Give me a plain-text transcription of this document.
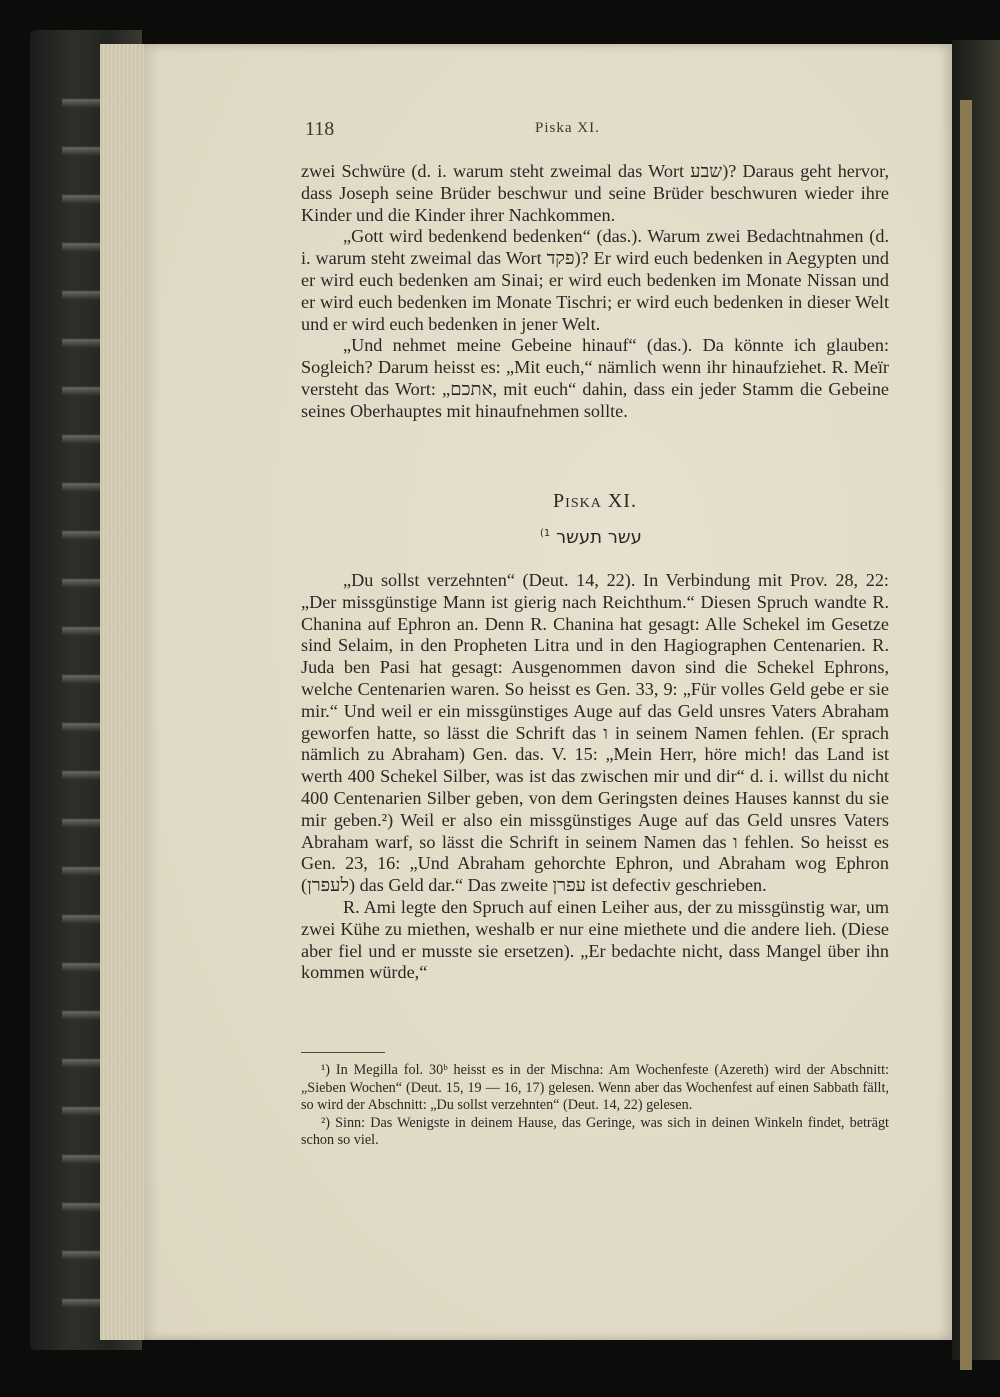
118	Piska XI.

zwei Schwüre (d. i. warum steht zweimal das Wort שבע)? Daraus geht hervor, dass Joseph seine Brüder beschwur und seine Brüder beschwuren wieder ihre Kinder und die Kinder ihrer Nachkommen.

„Gott wird bedenkend bedenken“ (das.). Warum zwei Bedachtnahmen (d. i. warum steht zweimal das Wort פקד)? Er wird euch bedenken in Aegypten und er wird euch bedenken am Sinai; er wird euch bedenken im Monate Nissan und er wird euch bedenken im Monate Tischri; er wird euch bedenken in dieser Welt und er wird euch bedenken in jener Welt.

„Und nehmet meine Gebeine hinauf“ (das.). Da könnte ich glauben: Sogleich? Darum heisst es: „Mit euch,“ nämlich wenn ihr hinaufziehet. R. Meïr versteht das Wort: „אתכם, mit euch“ dahin, dass ein jeder Stamm die Gebeine seines Oberhauptes mit hinaufnehmen sollte.

Piska XI.
עשר תעשר $^{1)}$

„Du sollst verzehnten“ (Deut. 14, 22). In Verbindung mit Prov. 28, 22: „Der missgünstige Mann ist gierig nach Reichthum.“ Diesen Spruch wandte R. Chanina auf Ephron an. Denn R. Chanina hat gesagt: Alle Schekel im Gesetze sind Selaim, in den Propheten Litra und in den Hagiographen Centenarien. R. Juda ben Pasi hat gesagt: Ausgenommen davon sind die Schekel Ephrons, welche Centenarien waren. So heisst es Gen. 33, 9: „Für volles Geld gebe er sie mir.“ Und weil er ein missgünstiges Auge auf das Geld unsres Vaters Abraham geworfen hatte, so lässt die Schrift das ו in seinem Namen fehlen. (Er sprach nämlich zu Abraham) Gen. das. V. 15: „Mein Herr, höre mich! das Land ist werth 400 Schekel Silber, was ist das zwischen mir und dir“ d. i. willst du nicht 400 Centenarien Silber geben, von dem Geringsten deines Hauses kannst du sie mir geben.²) Weil er also ein missgünstiges Auge auf das Geld unsres Vaters Abraham warf, so lässt die Schrift in seinem Namen das ו fehlen. So heisst es Gen. 23, 16: „Und Abraham gehorchte Ephron, und Abraham wog Ephron (לעפרן) das Geld dar.“ Das zweite עפרן ist defectiv geschrieben.

R. Ami legte den Spruch auf einen Leiher aus, der zu missgünstig war, um zwei Kühe zu miethen, weshalb er nur eine miethete und die andere lieh. (Diese aber fiel und er musste sie ersetzen). „Er bedachte nicht, dass Mangel über ihn kommen würde,“

¹) In Megilla fol. 30ᵇ heisst es in der Mischna: Am Wochenfeste (Azereth) wird der Abschnitt: „Sieben Wochen“ (Deut. 15, 19 — 16, 17) gelesen. Wenn aber das Wochenfest auf einen Sabbath fällt, so wird der Abschnitt: „Du sollst verzehnten“ (Deut. 14, 22) gelesen.

²) Sinn: Das Wenigste in deinem Hause, das Geringe, was sich in deinen Winkeln findet, beträgt schon so viel.
